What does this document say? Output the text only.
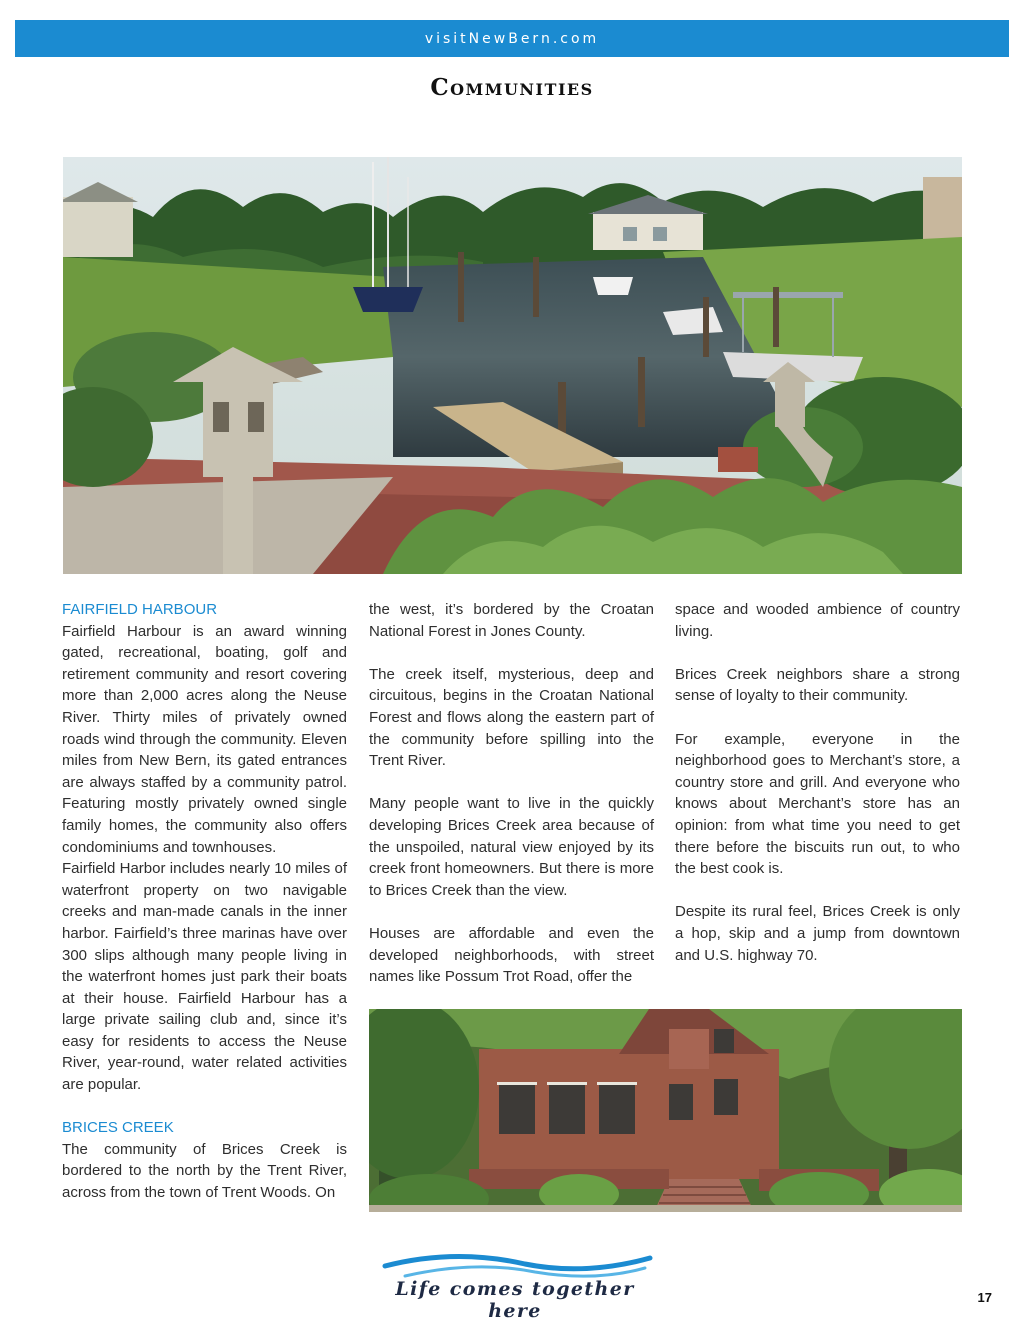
visitNewBern.com
Communities

FAIRFIELD HARBOUR
Fairfield Harbour is an award winning gated, recreational, boating, golf and retirement community and resort covering more than 2,000 acres along the Neuse River. Thirty miles of privately owned roads wind through the community. Eleven miles from New Bern, its gated entrances are always staffed by a community patrol. Featuring mostly privately owned single family homes, the community also offers condominiums and townhouses.

Fairfield Harbor includes nearly 10 miles of waterfront property on two navigable creeks and man-made canals in the inner harbor. Fairfield’s three marinas have over 300 slips although many people living in the waterfront homes just park their boats at their house. Fairfield Harbour has a large private sailing club and, since it’s easy for residents to access the Neuse River, year-round, water related activities are popular.

BRICES CREEK
The community of Brices Creek is bordered to the north by the Trent River, across from the town of Trent Woods. On

the west, it’s bordered by the Croatan National Forest in Jones County.

The creek itself, mysterious, deep and circuitous, begins in the Croatan National Forest and flows along the eastern part of the community before spilling into the Trent River.

Many people want to live in the quickly developing Brices Creek area because of the unspoiled, natural view enjoyed by its creek front homeowners. But there is more to Brices Creek than the view.

Houses are affordable and even the developed neighborhoods, with street names like Possum Trot Road, offer the

space and wooded ambience of country living.

Brices Creek neighbors share a strong sense of loyalty to their community.

For example, everyone in the neighborhood goes to Merchant’s store, a country store and grill. And everyone who knows about Merchant’s store has an opinion: from what time you need to get there before the biscuits run out, to who the best cook is.

Despite its rural feel, Brices Creek is only a hop, skip and a jump from downtown and U.S. highway 70.

Life comes together here
17
